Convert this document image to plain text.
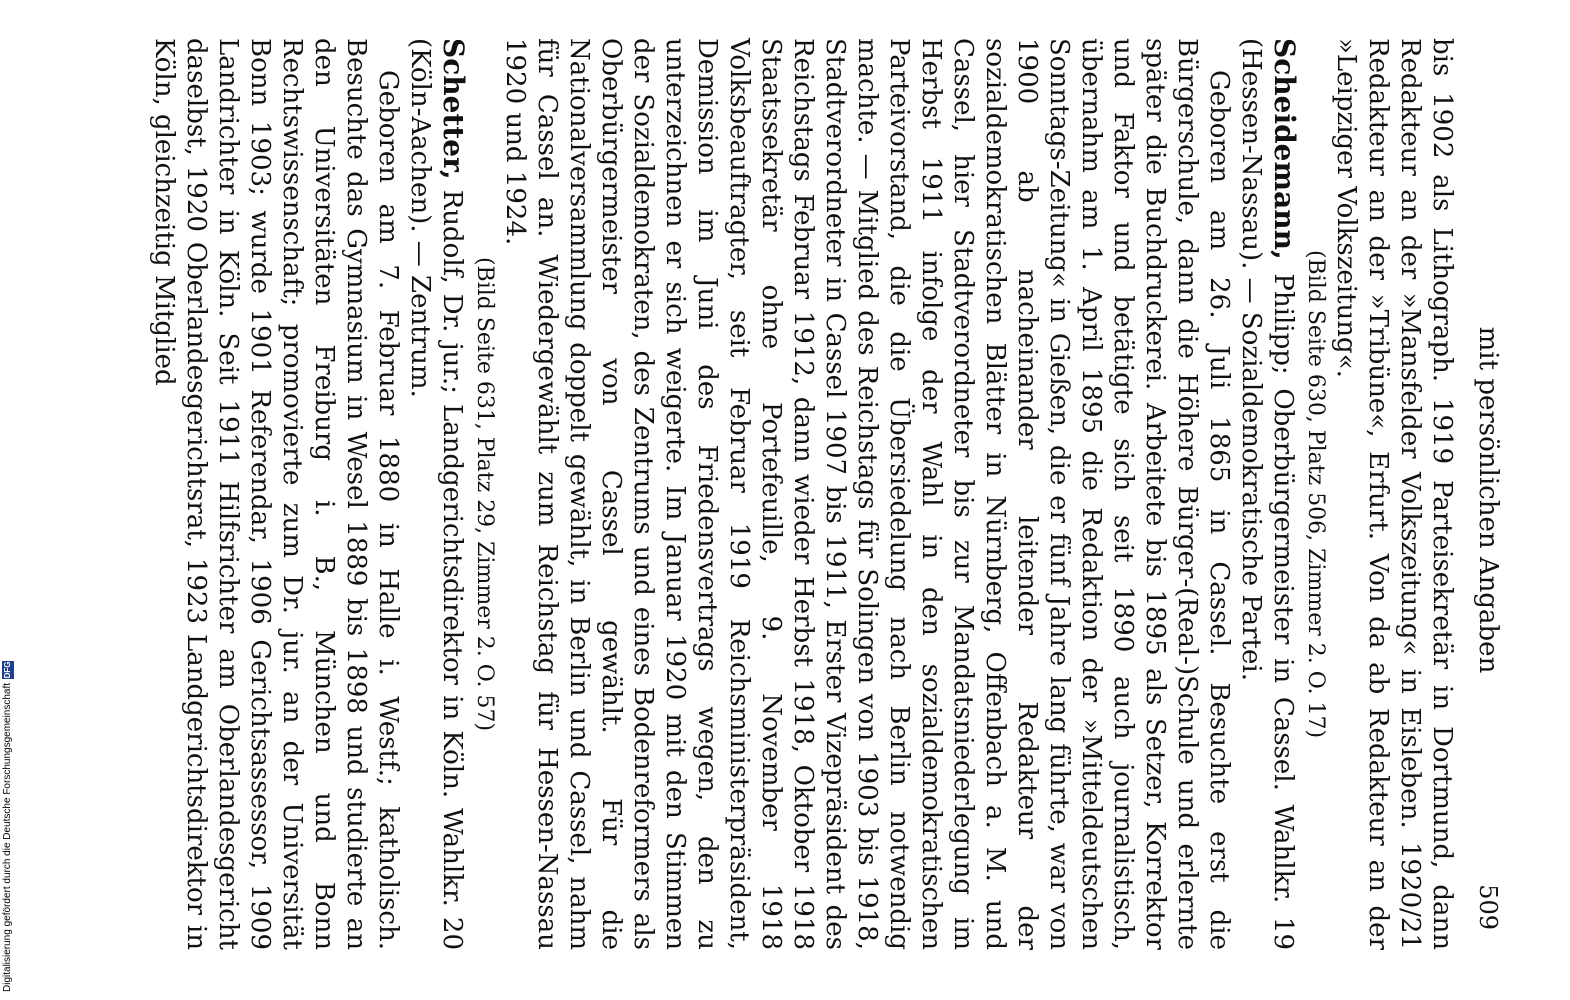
mit persönlichen Angaben
509

bis 1902 als Lithograph. 1919 Parteisekretär in Dortmund, dann Redakteur an der »Mansfelder Volkszeitung« in Eisleben. 1920/21 Redakteur an der »Tribüne«, Erfurt. Von da ab Redakteur an der »Leipziger Volkszeitung«.

(Bild Seite 630, Platz 506, Zimmer 2. O. 17)

Scheidemann, Philipp; Oberbürgermeister in Cassel. Wahlkr. 19 (Hessen-Nassau). — Sozialdemokratische Partei.

Geboren am 26. Juli 1865 in Cassel. Besuchte erst die Bürgerschule, dann die Höhere Bürger-(Real-)Schule und erlernte später die Buchdruckerei. Arbeitete bis 1895 als Setzer, Korrektor und Faktor und betätigte sich seit 1890 auch journalistisch, übernahm am 1. April 1895 die Redaktion der »Mitteldeutschen Sonntags-Zeitung« in Gießen, die er fünf Jahre lang führte, war von 1900 ab nacheinander leitender Redakteur der sozialdemokratischen Blätter in Nürnberg, Offenbach a. M. und Cassel, hier Stadtverordneter bis zur Mandatsniederlegung im Herbst 1911 infolge der Wahl in den sozialdemokratischen Parteivorstand, die die Übersiedelung nach Berlin notwendig machte. — Mitglied des Reichstags für Solingen von 1903 bis 1918, Stadtverordneter in Cassel 1907 bis 1911, Erster Vizepräsident des Reichstags Februar 1912, dann wieder Herbst 1918, Oktober 1918 Staatssekretär ohne Portefeuille, 9. November 1918 Volksbeauftragter, seit Februar 1919 Reichsministerpräsident, Demission im Juni des Friedensvertrags wegen, den zu unterzeichnen er sich weigerte. Im Januar 1920 mit den Stimmen der Sozialdemokraten, des Zentrums und eines Bodenreformers als Oberbürgermeister von Cassel gewählt. Für die Nationalversammlung doppelt gewählt, in Berlin und Cassel, nahm für Cassel an. Wiedergewählt zum Reichstag für Hessen-Nassau 1920 und 1924.

(Bild Seite 631, Platz 29, Zimmer 2. O. 57)

Schetter, Rudolf, Dr. jur.; Landgerichtsdirektor in Köln. Wahlkr. 20 (Köln-Aachen). — Zentrum.

Geboren am 7. Februar 1880 in Halle i. Westf.; katholisch. Besuchte das Gymnasium in Wesel 1889 bis 1898 und studierte an den Universitäten Freiburg i. B., München und Bonn Rechtswissenschaft; promovierte zum Dr. jur. an der Universität Bonn 1903; wurde 1901 Referendar, 1906 Gerichtsassessor, 1909 Landrichter in Köln. Seit 1911 Hilfsrichter am Oberlandesgericht daselbst, 1920 Oberlandesgerichtsrat, 1923 Landgerichtsdirektor in Köln, gleichzeitig Mitglied

Digitalisierung gefördert durch die Deutsche Forschungsgemeinschaft
DFG
